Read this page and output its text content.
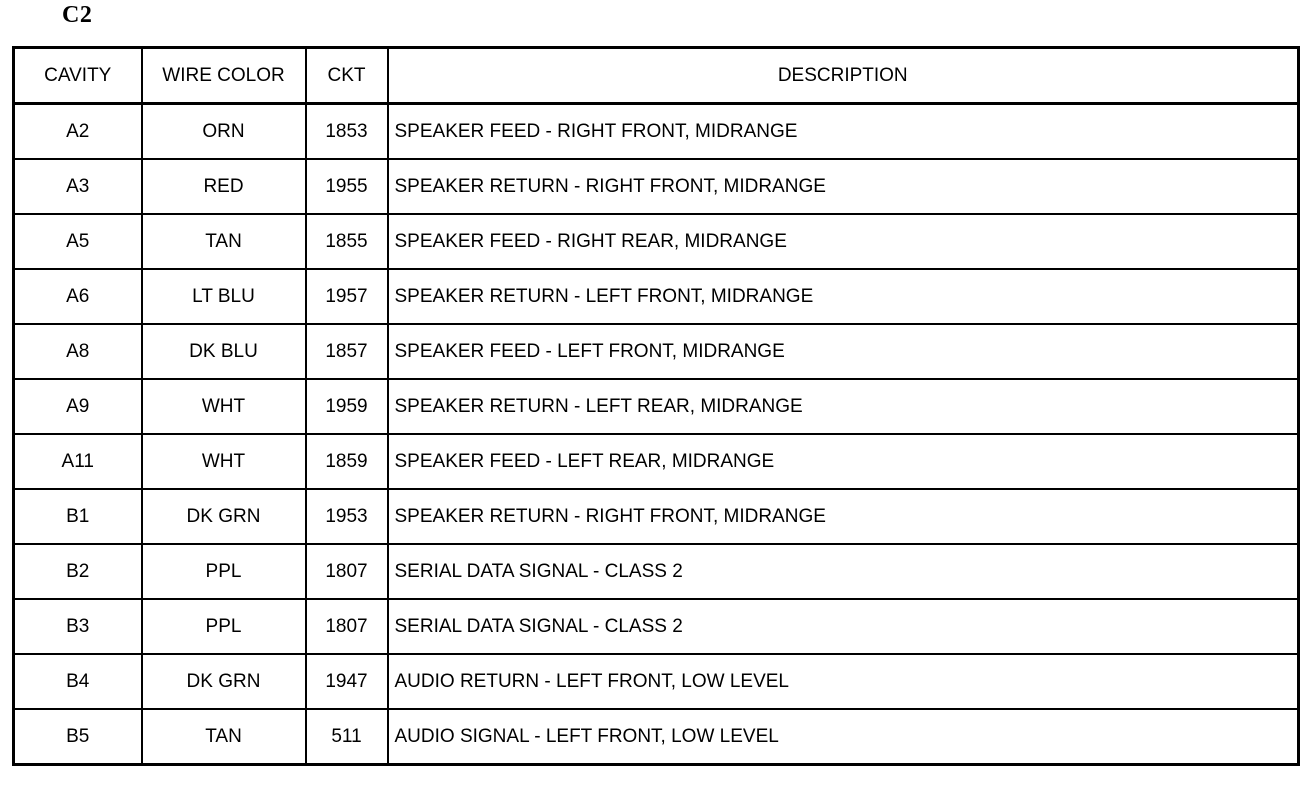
C2
CAVITY	WIRE COLOR	CKT	DESCRIPTION
A2	ORN	1853	SPEAKER FEED - RIGHT FRONT, MIDRANGE
A3	RED	1955	SPEAKER RETURN - RIGHT FRONT, MIDRANGE
A5	TAN	1855	SPEAKER FEED - RIGHT REAR, MIDRANGE
A6	LT BLU	1957	SPEAKER RETURN - LEFT FRONT, MIDRANGE
A8	DK BLU	1857	SPEAKER FEED - LEFT FRONT, MIDRANGE
A9	WHT	1959	SPEAKER RETURN - LEFT REAR, MIDRANGE
A11	WHT	1859	SPEAKER FEED - LEFT REAR, MIDRANGE
B1	DK GRN	1953	SPEAKER RETURN - RIGHT FRONT, MIDRANGE
B2	PPL	1807	SERIAL DATA SIGNAL - CLASS 2
B3	PPL	1807	SERIAL DATA SIGNAL - CLASS 2
B4	DK GRN	1947	AUDIO RETURN - LEFT FRONT, LOW LEVEL
B5	TAN	511	AUDIO SIGNAL - LEFT FRONT, LOW LEVEL
